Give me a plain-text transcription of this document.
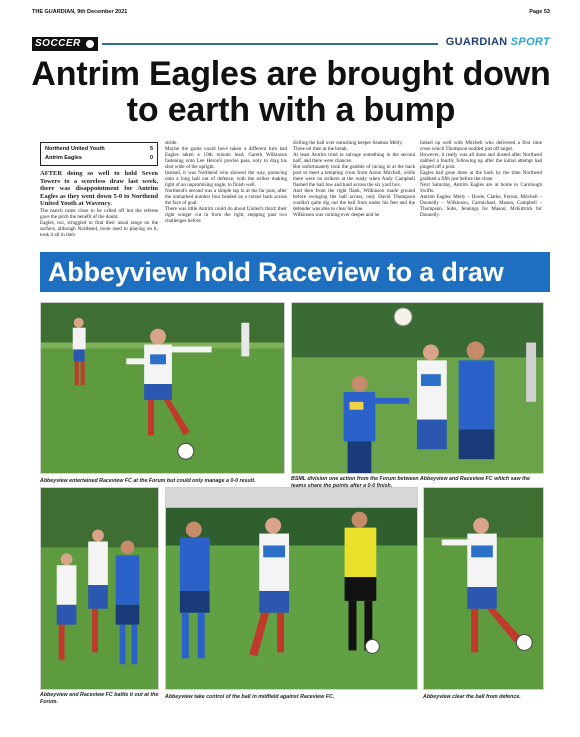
THE GUARDIAN, 9th December 2021	Page 53
SOCCER	GUARDIAN SPORT
Antrim Eagles are brought down to earth with a bump
Northend United Youth	5
Antrim Eagles	0

AFTER doing so well to hold Seven Towers to a scoreless draw last week, there was disappointment for Antrim Eagles as they went down 5-0 to Northend United Youth at Wavency.

The match came close to be called off but the referee gave the pitch the benefit of the doubt.

Eagles, too, struggled to find their usual range on the surface, although Northend, more used to playing on it, took it all in their

stride.

Maybe the game could have taken a different turn had Eagles taken a 10th minute lead; Gareth Wilkinson fastening onto Lee Heron's precise pass, only to drag his shot wide of the upright.

Instead, it was Northend who showed the way, pouncing onto a long ball out of defence, with the striker making light of an unpromising angle, to finish well.

Northend's second was a simple tap in at the far post, after the unmarked number four headed on a corner back across the face of goal.

There was little Antrim could do about United's third; their right winger cut in from the right, stepping past two challenges before

drilling the ball over onrushing keeper Seamus Melly.

Three nil then at the break.

At least Antrim tried to salvage something in the second half, and there were chances.

But unfortunately took the gamble of racing in at the back post to meet a tempting cross from Aaron Mitchell, while there were no strikers at the ready when Andy Campbell flashed the ball low and hard across the six yard box.

And then from the right flank, Wilkinson made ground before swinging the ball across, only David Thompson couldn't quite dig out the ball from under his feet and the defender was able to clear his line.

Wilkinson was coming ever deeper and he

linked up well with Mitchell who delivered a first time cross which Thompson nodded just off target.

However, it really was all done and dusted after Northend nabbed a fourth; following up after the initial attempt had pinged off a post.

Eagles had gone three at the back by the time Northend grabbed a fifth just before the close.

Next Saturday, Antrim Eagles are at home to Carnlough Swifts.

Antrim Eagles: Melly – Doole, Clarke, Ferron, Mitchell – Donnelly – Wilkinson, Carmichael, Mason, Campbell – Thompson. Subs, Jennings for Mason; McKittrick for Donnelly.

Abbeyview hold Raceview to a draw
Abbeyview entertained Raceview FC at the Forum but could only manage a 0-0 result.	BSML division one action from the Forum between Abbeyview and Raceview FC which saw the teams share the points after a 0-0 finish.
Abbeyview and Raceview FC battle it out at the Forum.
Abbeyview take control of the ball in midfield against Raceview FC.	Abbeyview clear the ball from defence.
